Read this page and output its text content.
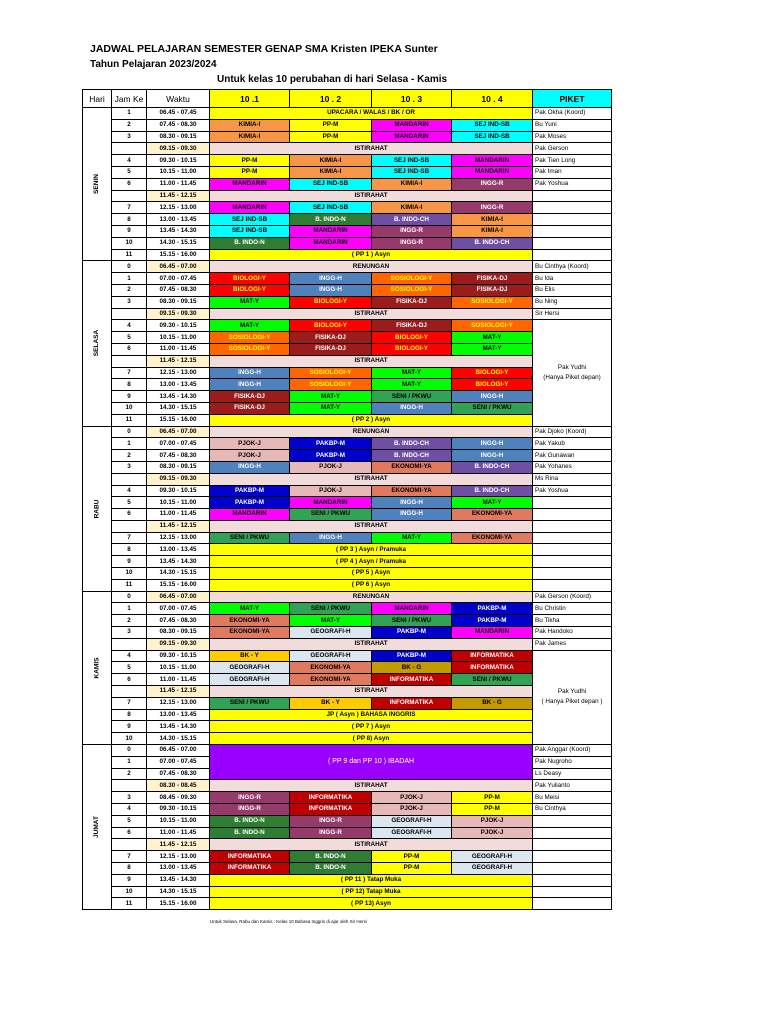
JADWAL PELAJARAN SEMESTER GENAP SMA Kristen IPEKA Sunter
Tahun Pelajaran 2023/2024
Untuk kelas 10 perubahan di hari Selasa - Kamis
Hari	Jam Ke	Waktu	10 .1	10 . 2	10 . 3	10 . 4	PIKET
SENIN	1	06.45 - 07.45	UPACARA / WALAS / BK / OR				Pak Okha (Koord)
	2	07.45 - 08.30	KIMIA-I	PP-M	MANDARIN	SEJ IND-SB	Bu Yuni
	3	08.30 - 09.15	KIMIA-I	PP-M	MANDARIN	SEJ IND-SB	Pak Moses
		09.15 - 09.30	ISTIRAHAT				Pak Gerson
	4	09.30 - 10.15	PP-M	KIMIA-I	SEJ IND-SB	MANDARIN	Pak Tien Long
	5	10.15 - 11.00	PP-M	KIMIA-I	SEJ IND-SB	MANDARIN	Pak Iman
	6	11.00 - 11.45	MANDARIN	SEJ IND-SB	KIMIA-I	INGG-R	Pak Yoshua
		11.45 - 12.15	ISTIRAHAT				
	7	12.15 - 13.00	MANDARIN	SEJ IND-SB	KIMIA-I	INGG-R	
	8	13.00 - 13.45	SEJ IND-SB	B. INDO-N	B. INDO-CH	KIMIA-I	
	9	13.45 - 14.30	SEJ IND-SB	MANDARIN	INGG-R	KIMIA-I	
	10	14.30 - 15.15	B. INDO-N	MANDARIN	INGG-R	B. INDO-CH	
	11	15.15 - 16.00	( PP 1 ) Asyn				
SELASA	0	06.45 - 07.00	RENUNGAN				Bu Cinthya (Koord)
	1	07.00 - 07.45	BIOLOGI-Y	INGG-H	SOSIOLOGI-Y	FISIKA-DJ	Bu Ida
	2	07.45 - 08.30	BIOLOGI-Y	INGG-H	SOSIOLOGI-Y	FISIKA-DJ	Bu Elis
	3	08.30 - 09.15	MAT-Y	BIOLOGI-Y	FISIKA-DJ	SOSIOLOGI-Y	Bu Ning
		09.15 - 09.30	ISTIRAHAT				Sir Hersi
	4	09.30 - 10.15	MAT-Y	BIOLOGI-Y	FISIKA-DJ	SOSIOLOGI-Y	Pak Yudhi
(Hanya Piket depan)

	5	10.15 - 11.00	SOSIOLOGI-Y	FISIKA-DJ	BIOLOGI-Y	MAT-Y	
	6	11.00 - 11.45	SOSIOLOGI-Y	FISIKA-DJ	BIOLOGI-Y	MAT-Y	
		11.45 - 12.15	ISTIRAHAT				
	7	12.15 - 13.00	INGG-H	SOSIOLOGI-Y	MAT-Y	BIOLOGI-Y	
	8	13.00 - 13.45	INGG-H	SOSIOLOGI-Y	MAT-Y	BIOLOGI-Y	
	9	13.45 - 14.30	FISIKA-DJ	MAT-Y	SENI / PKWU	INGG-H	
	10	14.30 - 15.15	FISIKA-DJ	MAT-Y	INGG-H	SENI / PKWU	
	11	15.15 - 16.00	( PP 2 ) Asyn				
RABU	0	06.45 - 07.00	RENUNGAN				Pak Djoko (Koord)
	1	07.00 - 07.45	PJOK-J	PAKBP-M	B. INDO-CH	INGG-H	Pak Yakub
	2	07.45 - 08.30	PJOK-J	PAKBP-M	B. INDO-CH	INGG-H	Pak Gunawan
	3	08.30 - 09.15	INGG-H	PJOK-J	EKONOMI-YA	B. INDO-CH	Pak Yohanes
		09.15 - 09.30	ISTIRAHAT				Ms Rina
	4	09.30 - 10.15	PAKBP-M	PJOK-J	EKONOMI-YA	B. INDO-CH	Pak Yoshua
	5	10.15 - 11.00	PAKBP-M	MANDARIN	INGG-H	MAT-Y	
	6	11.00 - 11.45	MANDARIN	SENI / PKWU	INGG-H	EKONOMI-YA	
		11.45 - 12.15	ISTIRAHAT				
	7	12.15 - 13.00	SENI / PKWU	INGG-H	MAT-Y	EKONOMI-YA	
	8	13.00 - 13.45	( PP 3 ) Asyn / Pramuka				
	9	13.45 - 14.30	( PP 4 ) Asyn / Pramuka				
	10	14.30 - 15.15	( PP 5 ) Asyn				
	11	15.15 - 16.00	( PP 6 ) Asyn				
KAMIS	0	06.45 - 07.00	RENUNGAN				Pak Gerson (Koord)
	1	07.00 - 07.45	MAT-Y	SENI / PKWU	MANDARIN	PAKBP-M	Bu Christin
	2	07.45 - 08.30	EKONOMI-YA	MAT-Y	SENI / PKWU	PAKBP-M	Bu Tikha
	3	08.30 - 09.15	EKONOMI-YA	GEOGRAFI-H	PAKBP-M	MANDARIN	Pak Handoko
		09.15 - 09.30	ISTIRAHAT				Pak James
	4	09.30 - 10.15	BK - Y	GEOGRAFI-H	PAKBP-M	INFORMATIKA	Pak Yudhi
( Hanya Piket depan )

	5	10.15 - 11.00	GEOGRAFI-H	EKONOMI-YA	BK - G	INFORMATIKA	
	6	11.00 - 11.45	GEOGRAFI-H	EKONOMI-YA	INFORMATIKA	SENI / PKWU	
		11.45 - 12.15	ISTIRAHAT				
	7	12.15 - 13.00	SENI / PKWU	BK - Y	INFORMATIKA	BK - G	
	8	13.00 - 13.45	JP ( Asyn ) BAHASA INGGRIS				
	9	13.45 - 14.30	( PP 7 ) Asyn				
	10	14.30 - 15.15	( PP 8) Asyn				
JUMAT	0	06.45 - 07.00	( PP 9 dan PP 10 ) IBADAH				Pak Anggar (Koord)
	1	07.00 - 07.45					Pak Nugroho
	2	07.45 - 08.30					Ls Deasy
		08.30 - 08.45	ISTIRAHAT				Pak Yulianto
	3	08.45 - 09.30	INGG-R	INFORMATIKA	PJOK-J	PP-M	Bu Meisi
	4	09.30 - 10.15	INGG-R	INFORMATIKA	PJOK-J	PP-M	Bu Cinthya
	5	10.15 - 11.00	B. INDO-N	INGG-R	GEOGRAFI-H	PJOK-J	
	6	11.00 - 11.45	B. INDO-N	INGG-R	GEOGRAFI-H	PJOK-J	
		11.45 - 12.15	ISTIRAHAT				
	7	12.15 - 13.00	INFORMATIKA	B. INDO-N	PP-M	GEOGRAFI-H	
	8	13.00 - 13.45	INFORMATIKA	B. INDO-N	PP-M	GEOGRAFI-H	
	9	13.45 - 14.30	( PP 11 ) Tatap Muka				
	10	14.30 - 15.15	( PP 12) Tatap Muka				
	11	15.15 - 16.00	( PP 13) Asyn				
Untuk Selasa, Rabu dan Kamis : Kelas 10 Bahasa Inggris di ajar oleh Sir Hersi
